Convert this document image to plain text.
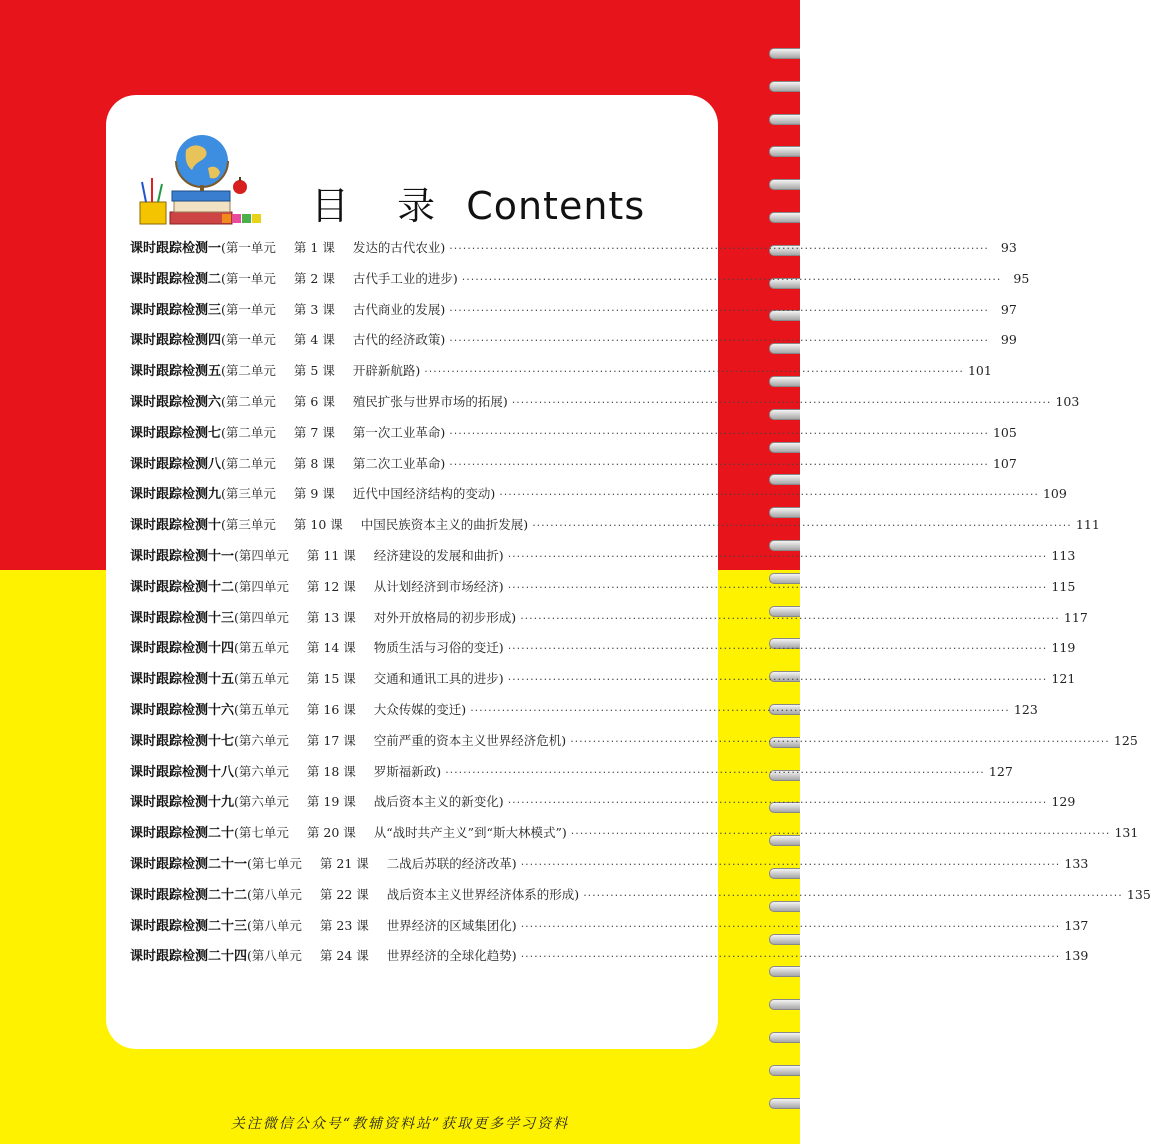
目 录 Contents
课时跟踪检测一 ( 第一单元	第 1 课	发达的古代农业 ) ························································································································ 93
课时跟踪检测二 ( 第一单元	第 2 课	古代手工业的进步 ) ························································································································ 95
课时跟踪检测三 ( 第一单元	第 3 课	古代商业的发展 ) ························································································································ 97
课时跟踪检测四 ( 第一单元	第 4 课	古代的经济政策 ) ························································································································ 99
课时跟踪检测五 ( 第二单元	第 5 课	开辟新航路 ) ························································································································ 101
课时跟踪检测六 ( 第二单元	第 6 课	殖民扩张与世界市场的拓展 ) ························································································································ 103
课时跟踪检测七 ( 第二单元	第 7 课	第一次工业革命 ) ························································································································ 105
课时跟踪检测八 ( 第二单元	第 8 课	第二次工业革命 ) ························································································································ 107
课时跟踪检测九 ( 第三单元	第 9 课	近代中国经济结构的变动 ) ························································································································ 109
课时跟踪检测十 ( 第三单元	第 10 课	中国民族资本主义的曲折发展 ) ························································································································ 111
课时跟踪检测十一 ( 第四单元	第 11 课	经济建设的发展和曲折 ) ························································································································ 113
课时跟踪检测十二 ( 第四单元	第 12 课	从计划经济到市场经济 ) ························································································································ 115
课时跟踪检测十三 ( 第四单元	第 13 课	对外开放格局的初步形成 ) ························································································································ 117
课时跟踪检测十四 ( 第五单元	第 14 课	物质生活与习俗的变迁 ) ························································································································ 119
课时跟踪检测十五 ( 第五单元	第 15 课	交通和通讯工具的进步 ) ························································································································ 121
课时跟踪检测十六 ( 第五单元	第 16 课	大众传媒的变迁 ) ························································································································ 123
课时跟踪检测十七 ( 第六单元	第 17 课	空前严重的资本主义世界经济危机 ) ························································································································ 125
课时跟踪检测十八 ( 第六单元	第 18 课	罗斯福新政 ) ························································································································ 127
课时跟踪检测十九 ( 第六单元	第 19 课	战后资本主义的新变化 ) ························································································································ 129
课时跟踪检测二十 ( 第七单元	第 20 课	从“战时共产主义”到“斯大林模式” ) ························································································································ 131
课时跟踪检测二十一 ( 第七单元	第 21 课	二战后苏联的经济改革 ) ························································································································ 133
课时跟踪检测二十二 ( 第八单元	第 22 课	战后资本主义世界经济体系的形成 ) ························································································································ 135
课时跟踪检测二十三 ( 第八单元	第 23 课	世界经济的区域集团化 ) ························································································································ 137
课时跟踪检测二十四 ( 第八单元	第 24 课	世界经济的全球化趋势 ) ························································································································ 139
关注微信公众号“教辅资料站”获取更多学习资料
